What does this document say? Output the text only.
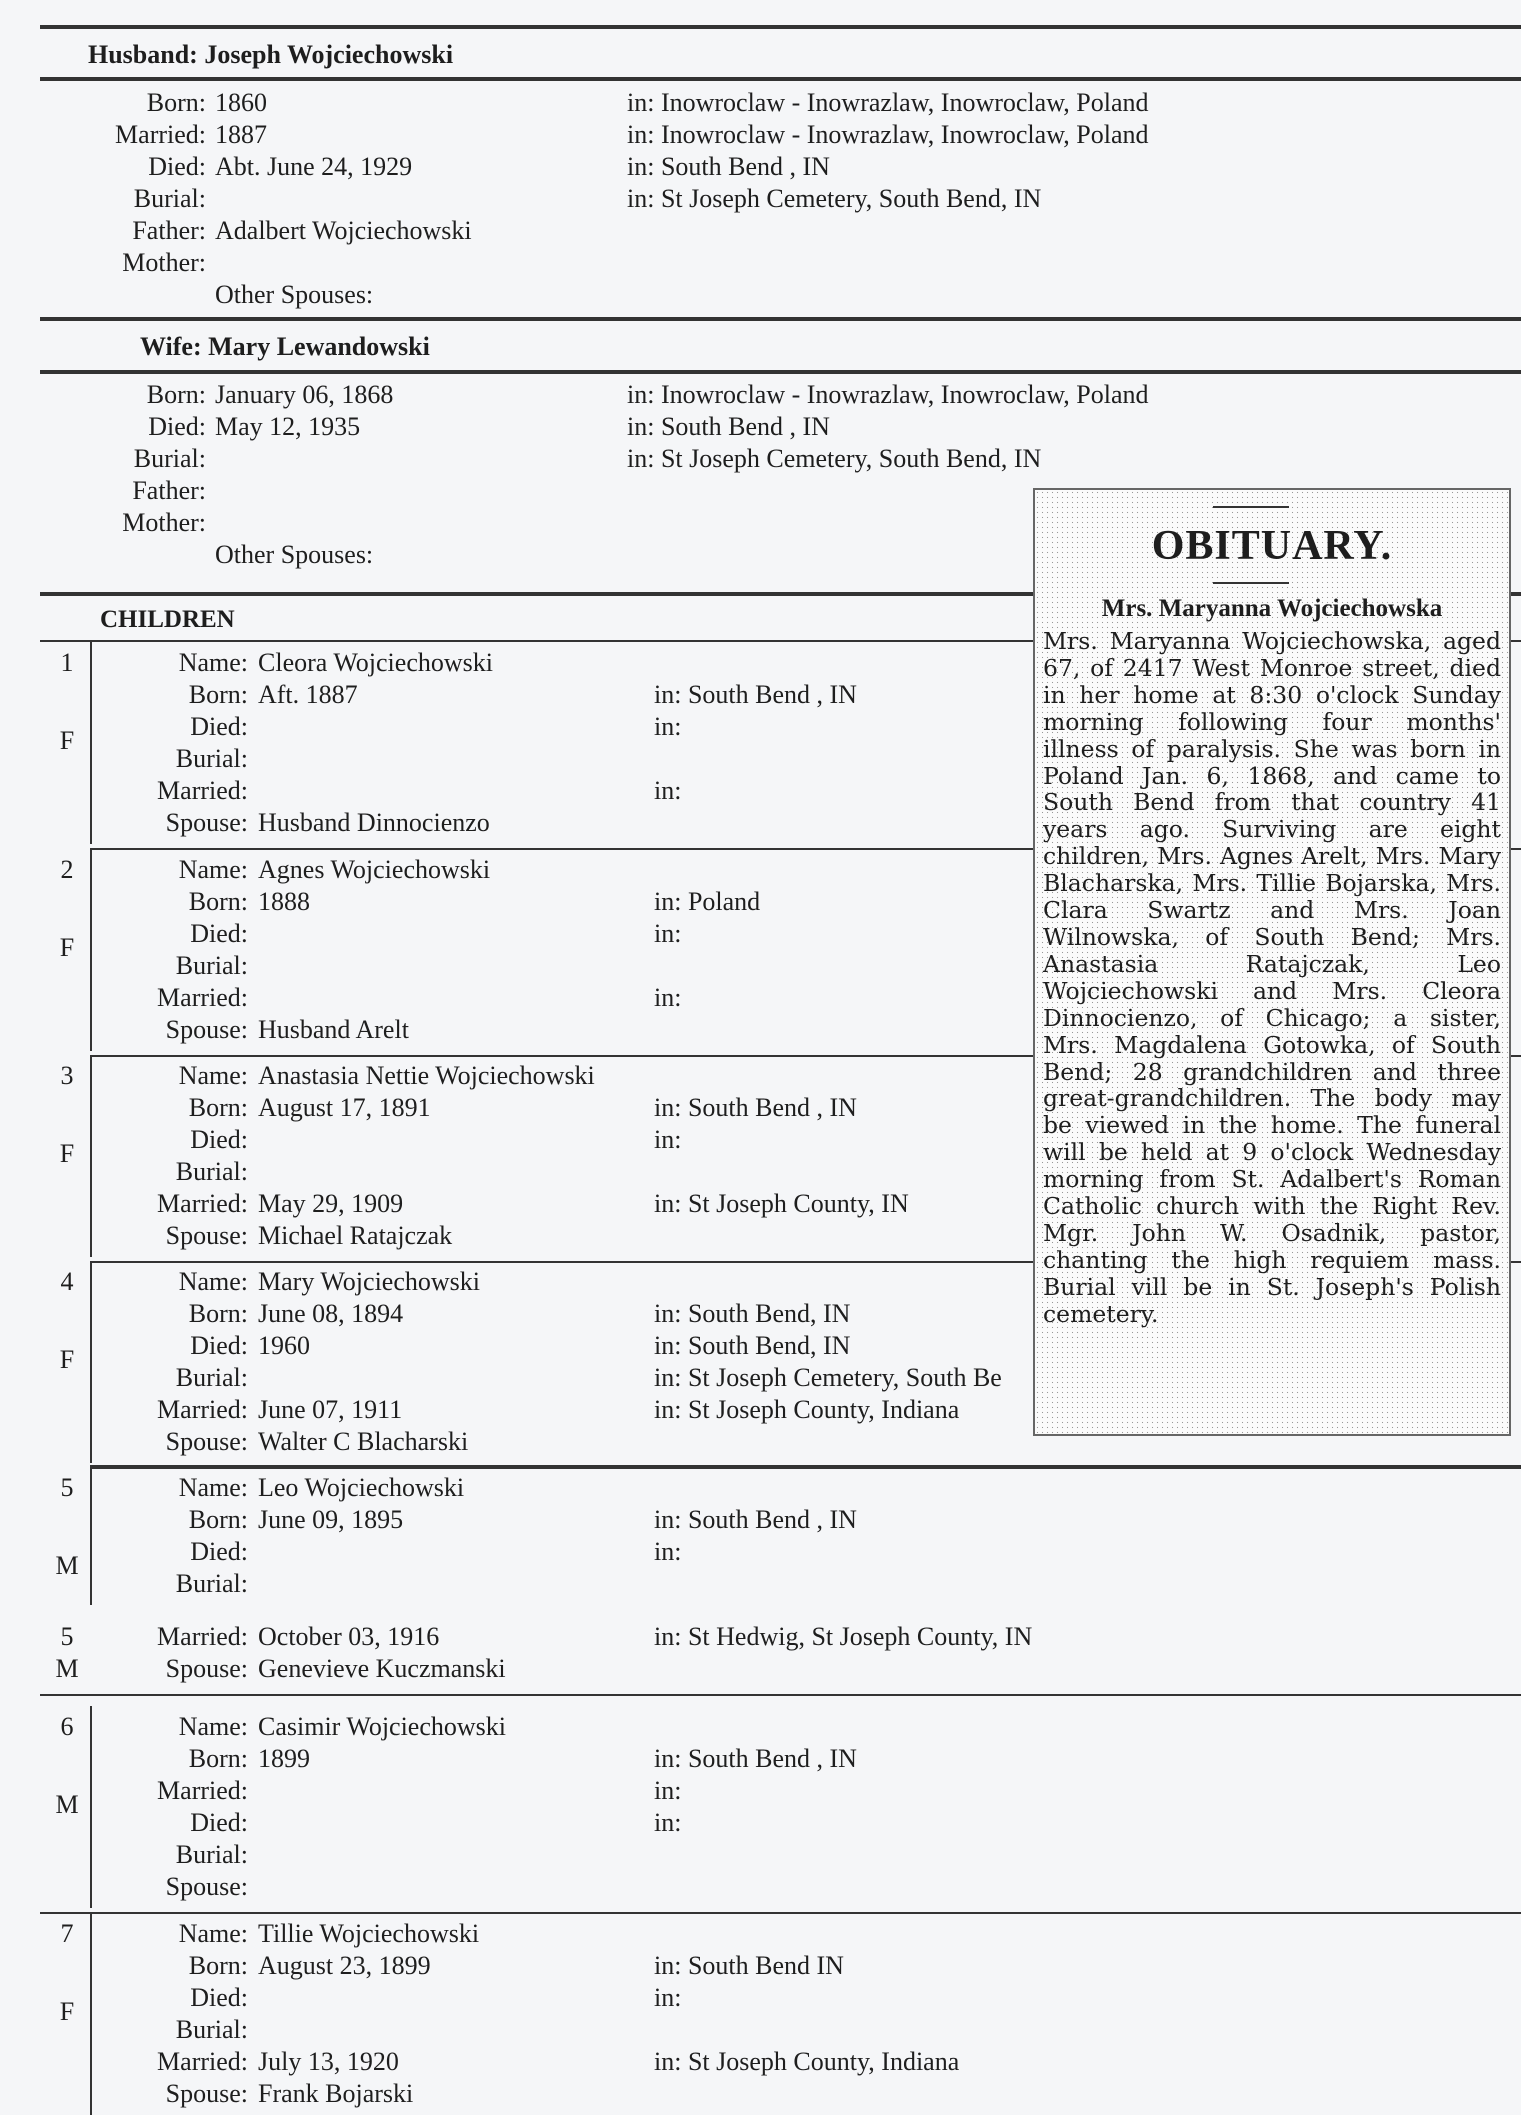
Husband: Joseph Wojciechowski
Born: 1860	in: Inowroclaw - Inowrazlaw, Inowroclaw, Poland
Married: 1887	in: Inowroclaw - Inowrazlaw, Inowroclaw, Poland
Died: Abt. June 24, 1929	in: South Bend , IN
Burial:	in: St Joseph Cemetery, South Bend, IN
Father: Adalbert Wojciechowski
Mother:
Other Spouses:
Wife: Mary Lewandowski
Born: January 06, 1868	in: Inowroclaw - Inowrazlaw, Inowroclaw, Poland
Died: May 12, 1935	in: South Bend , IN
Burial:	in: St Joseph Cemetery, South Bend, IN
Father:
Mother:
Other Spouses:
CHILDREN
1
F
Name: Cleora Wojciechowski
Born: Aft. 1887	in: South Bend , IN
Died:	in:
Burial:
Married:	in:
Spouse: Husband Dinnocienzo
2
F
Name: Agnes Wojciechowski
Born: 1888	in: Poland
Died:	in:
Burial:
Married:	in:
Spouse: Husband Arelt
3
F
Name: Anastasia Nettie Wojciechowski
Born: August 17, 1891	in: South Bend , IN
Died:	in:
Burial:
Married: May 29, 1909	in: St Joseph County, IN
Spouse: Michael Ratajczak
4
F
Name: Mary Wojciechowski
Born: June 08, 1894	in: South Bend, IN
Died: 1960	in: South Bend, IN
Burial:	in: St Joseph Cemetery, South Be
Married: June 07, 1911	in: St Joseph County, Indiana
Spouse: Walter C Blacharski
5
M
Name: Leo Wojciechowski
Born: June 09, 1895	in: South Bend , IN
Died:	in:
Burial:
5
M
Married: October 03, 1916	in: St Hedwig, St Joseph County, IN
Spouse: Genevieve Kuczmanski
6
M
Name: Casimir Wojciechowski
Born: 1899	in: South Bend , IN
Married:	in:
Died:	in:
Burial:
Spouse:
7
F
Name: Tillie Wojciechowski
Born: August 23, 1899	in: South Bend IN
Died:	in:
Burial:
Married: July 13, 1920	in: St Joseph County, Indiana
Spouse: Frank Bojarski
OBITUARY.
Mrs. Maryanna Wojciechowska
Mrs. Maryanna Wojciechowska, aged 67, of 2417 West Monroe street, died in her home at 8:30 o'clock Sunday morning following four months' illness of paralysis. She was born in Poland Jan. 6, 1868, and came to South Bend from that country 41 years ago. Surviving are eight children, Mrs. Agnes Arelt, Mrs. Mary Blacharska, Mrs. Tillie Bojarska, Mrs. Clara Swartz and Mrs. Joan Wilnowska, of South Bend; Mrs. Anastasia Ratajczak, Leo Wojciechowski and Mrs. Cleora Dinnocienzo, of Chicago; a sister, Mrs. Magdalena Gotowka, of South Bend; 28 grandchildren and three great-grandchildren. The body may be viewed in the home. The funeral will be held at 9 o'clock Wednesday morning from St. Adalbert's Roman Catholic church with the Right Rev. Mgr. John W. Osadnik, pastor, chanting the high requiem mass. Burial vill be in St. Joseph's Polish cemetery.
